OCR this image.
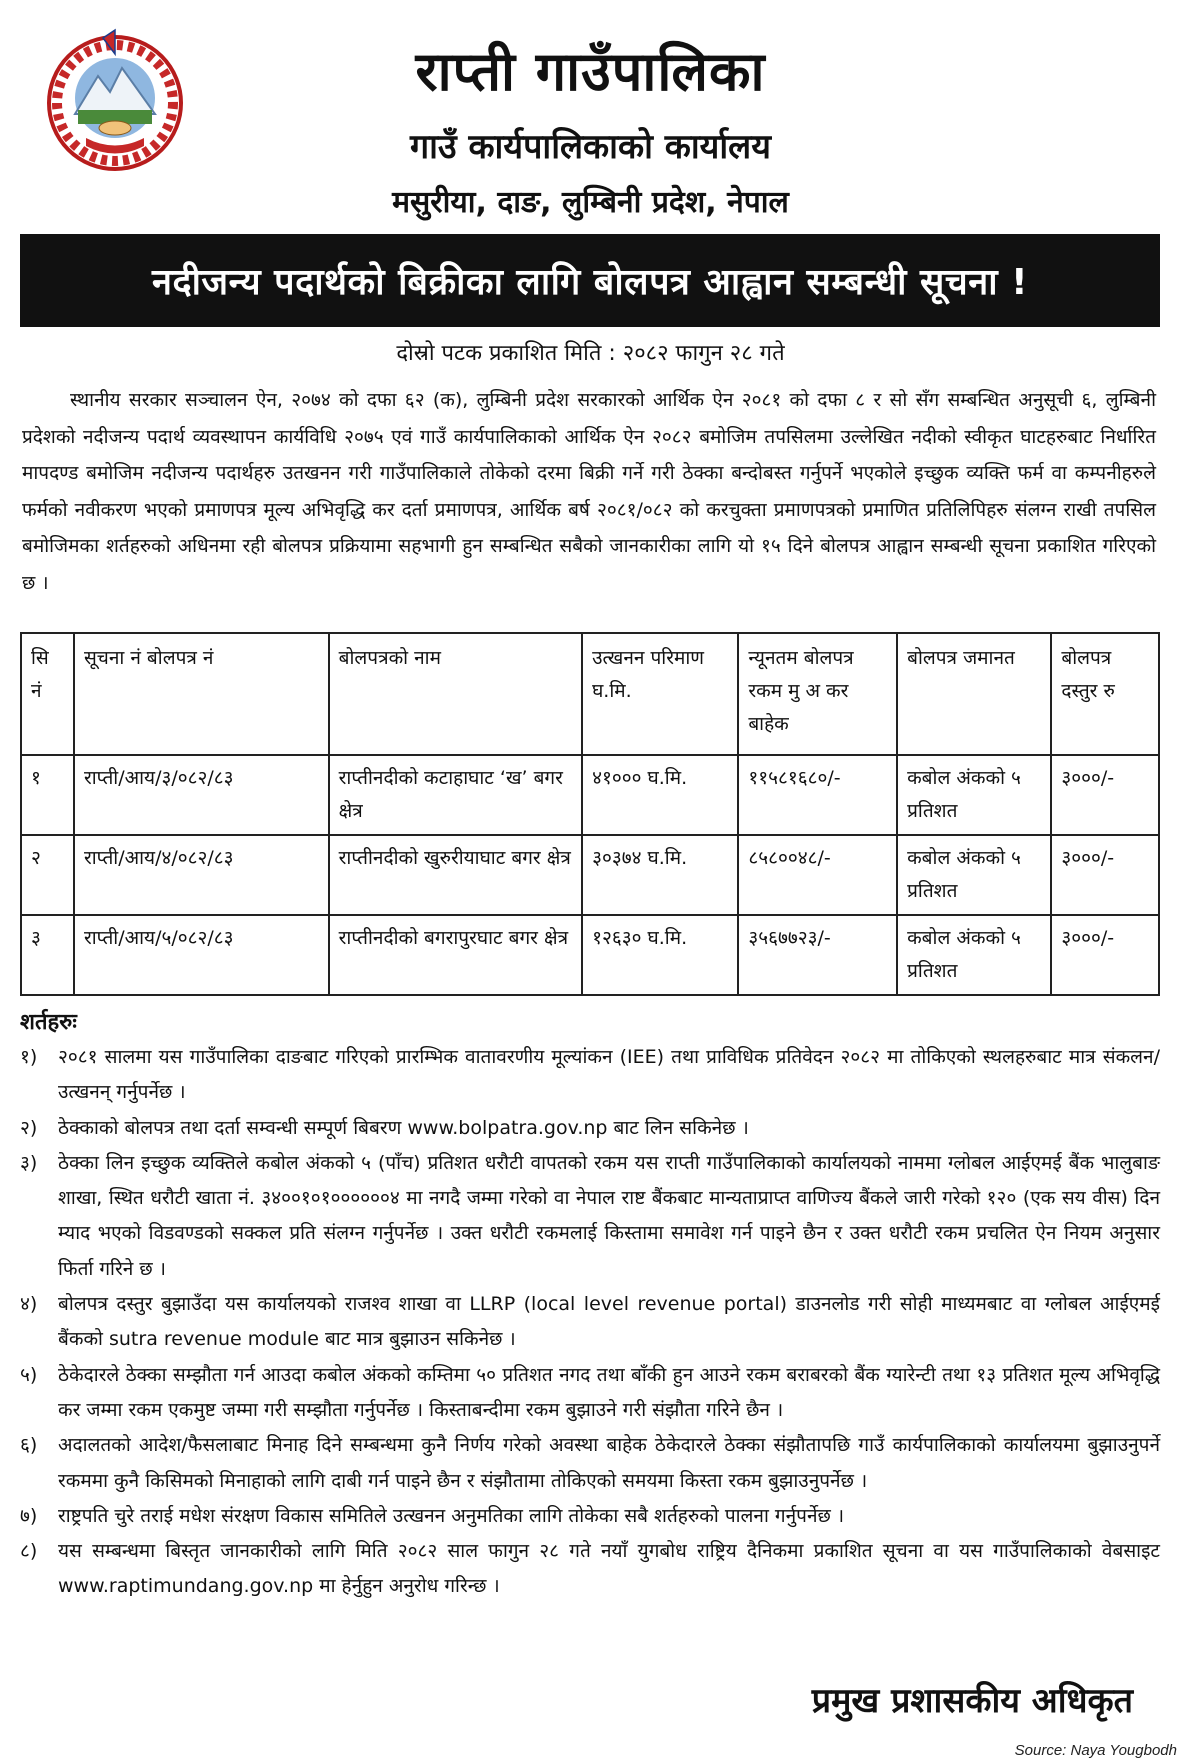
राप्ती गाउँपालिका
गाउँ कार्यपालिकाको कार्यालय
मसुरीया, दाङ, लुम्बिनी प्रदेश, नेपाल
नदीजन्य पदार्थको बिक्रीका लागि बोलपत्र आह्वान सम्बन्धी सूचना !
दोस्रो पटक प्रकाशित मिति : २०८२ फागुन २८ गते
स्थानीय सरकार सञ्चालन ऐन, २०७४ को दफा ६२ (क), लुम्बिनी प्रदेश सरकारको आर्थिक ऐन २०८१ को दफा ८ र सो सँग सम्बन्धित अनुसूची ६, लुम्बिनी प्रदेशको नदीजन्य पदार्थ व्यवस्थापन कार्यविधि २०७५ एवं गाउँ कार्यपालिकाको आर्थिक ऐन २०८२ बमोजिम तपसिलमा उल्लेखित नदीको स्वीकृत घाटहरुबाट निर्धारित मापदण्ड बमोजिम नदीजन्य पदार्थहरु उतखनन गरी गाउँपालिकाले तोकेको दरमा बिक्री गर्ने गरी ठेक्का बन्दोबस्त गर्नुपर्ने भएकोले इच्छुक व्यक्ति फर्म वा कम्पनीहरुले फर्मको नवीकरण भएको प्रमाणपत्र मूल्य अभिवृद्धि कर दर्ता प्रमाणपत्र, आर्थिक बर्ष २०८१/०८२ को करचुक्ता प्रमाणपत्रको प्रमाणित प्रतिलिपिहरु संलग्न राखी तपसिल बमोजिमका शर्तहरुको अधिनमा रही बोलपत्र प्रक्रियामा सहभागी हुन सम्बन्धित सबैको जानकारीका लागि यो १५ दिने बोलपत्र आह्वान सम्बन्धी सूचना प्रकाशित गरिएको छ ।
सि नं	सूचना नं बोलपत्र नं	बोलपत्रको नाम	उत्खनन परिमाण घ.मि.	न्यूनतम बोलपत्र रकम मु अ कर बाहेक	बोलपत्र जमानत	बोलपत्र दस्तुर रु
१	राप्ती/आय/३/०८२/८३	राप्तीनदीको कटाहाघाट ‘ख’ बगर क्षेत्र	४१००० घ.मि.	११५८१६८०/-	कबोल अंकको ५ प्रतिशत	३०००/-
२	राप्ती/आय/४/०८२/८३	राप्तीनदीको खुरुरीयाघाट बगर क्षेत्र	३०३७४ घ.मि.	८५८००४८/-	कबोल अंकको ५ प्रतिशत	३०००/-
३	राप्ती/आय/५/०८२/८३	राप्तीनदीको बगरापुरघाट बगर क्षेत्र	१२६३० घ.मि.	३५६७७२३/-	कबोल अंकको ५ प्रतिशत	३०००/-
शर्तहरुः
१)	२०८१ सालमा यस गाउँपालिका दाङबाट गरिएको प्रारम्भिक वातावरणीय मूल्यांकन (IEE) तथा प्राविधिक प्रतिवेदन २०८२ मा तोकिएको स्थलहरुबाट मात्र संकलन/उत्खनन् गर्नुपर्नेछ ।
२)	ठेक्काको बोलपत्र तथा दर्ता सम्वन्धी सम्पूर्ण बिबरण www.bolpatra.gov.np बाट लिन सकिनेछ ।
३)	ठेक्का लिन इच्छुक व्यक्तिले कबोल अंकको ५ (पाँच) प्रतिशत धरौटी वापतको रकम यस राप्ती गाउँपालिकाको कार्यालयको नाममा ग्लोबल आईएमई बैंक भालुबाङ शाखा, स्थित धरौटी खाता नं. ३४००१०१००००००४ मा नगदै जम्मा गरेको वा नेपाल राष्ट बैंकबाट मान्यताप्राप्त वाणिज्य बैंकले जारी गरेको १२० (एक सय वीस) दिन म्याद भएको विडवण्डको सक्कल प्रति संलग्न गर्नुपर्नेछ । उक्त धरौटी रकमलाई किस्तामा समावेश गर्न पाइने छैन र उक्त धरौटी रकम प्रचलित ऐन नियम अनुसार फिर्ता गरिने छ ।
४)	बोलपत्र दस्तुर बुझाउँदा यस कार्यालयको राजश्व शाखा वा LLRP (local level revenue portal) डाउनलोड गरी सोही माध्यमबाट वा ग्लोबल आईएमई बैंकको sutra revenue module बाट मात्र बुझाउन सकिनेछ ।
५)	ठेकेदारले ठेक्का सम्झौता गर्न आउदा कबोल अंकको कम्तिमा ५० प्रतिशत नगद तथा बाँकी हुन आउने रकम बराबरको बैंक ग्यारेन्टी तथा १३ प्रतिशत मूल्य अभिवृद्धि कर जम्मा रकम एकमुष्ट जम्मा गरी सम्झौता गर्नुपर्नेछ । किस्ताबन्दीमा रकम बुझाउने गरी संझौता गरिने छैन ।
६)	अदालतको आदेश/फैसलाबाट मिनाह दिने सम्बन्धमा कुनै निर्णय गरेको अवस्था बाहेक ठेकेदारले ठेक्का संझौतापछि गाउँ कार्यपालिकाको कार्यालयमा बुझाउनुपर्ने रकममा कुनै किसिमको मिनाहाको लागि दाबी गर्न पाइने छैन र संझौतामा तोकिएको समयमा किस्ता रकम बुझाउनुपर्नेछ ।
७)	राष्ट्रपति चुरे तराई मधेश संरक्षण विकास समितिले उत्खनन अनुमतिका लागि तोकेका सबै शर्तहरुको पालना गर्नुपर्नेछ ।
८)	यस सम्बन्धमा बिस्तृत जानकारीको लागि मिति २०८२ साल फागुन २८ गते नयाँ युगबोध राष्ट्रिय दैनिकमा प्रकाशित सूचना वा यस गाउँपालिकाको वेबसाइट www.raptimundang.gov.np मा हेर्नुहुन अनुरोध गरिन्छ ।
प्रमुख प्रशासकीय अधिकृत
Source: Naya Yougbodh
